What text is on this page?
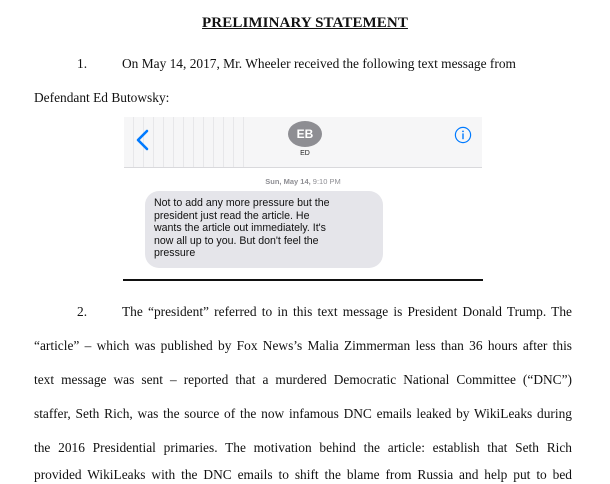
PRELIMINARY STATEMENT
1.	On May 14, 2017, Mr. Wheeler received the following text message from
Defendant Ed Butowsky:
EB
ED
Sun, May 14, 9:10 PM
Not to add any more pressure but the
president just read the article. He
wants the article out immediately. It's
now all up to you. But don't feel the
pressure
2.	The “president” referred to in this text message is President Donald Trump. The
“article” – which was published by Fox News’s Malia Zimmerman less than 36 hours after this
text message was sent – reported that a murdered Democratic National Committee (“DNC”)
staffer, Seth Rich, was the source of the now infamous DNC emails leaked by WikiLeaks during
the 2016 Presidential primaries. The motivation behind the article: establish that Seth Rich
provided WikiLeaks with the DNC emails to shift the blame from Russia and help put to bed
